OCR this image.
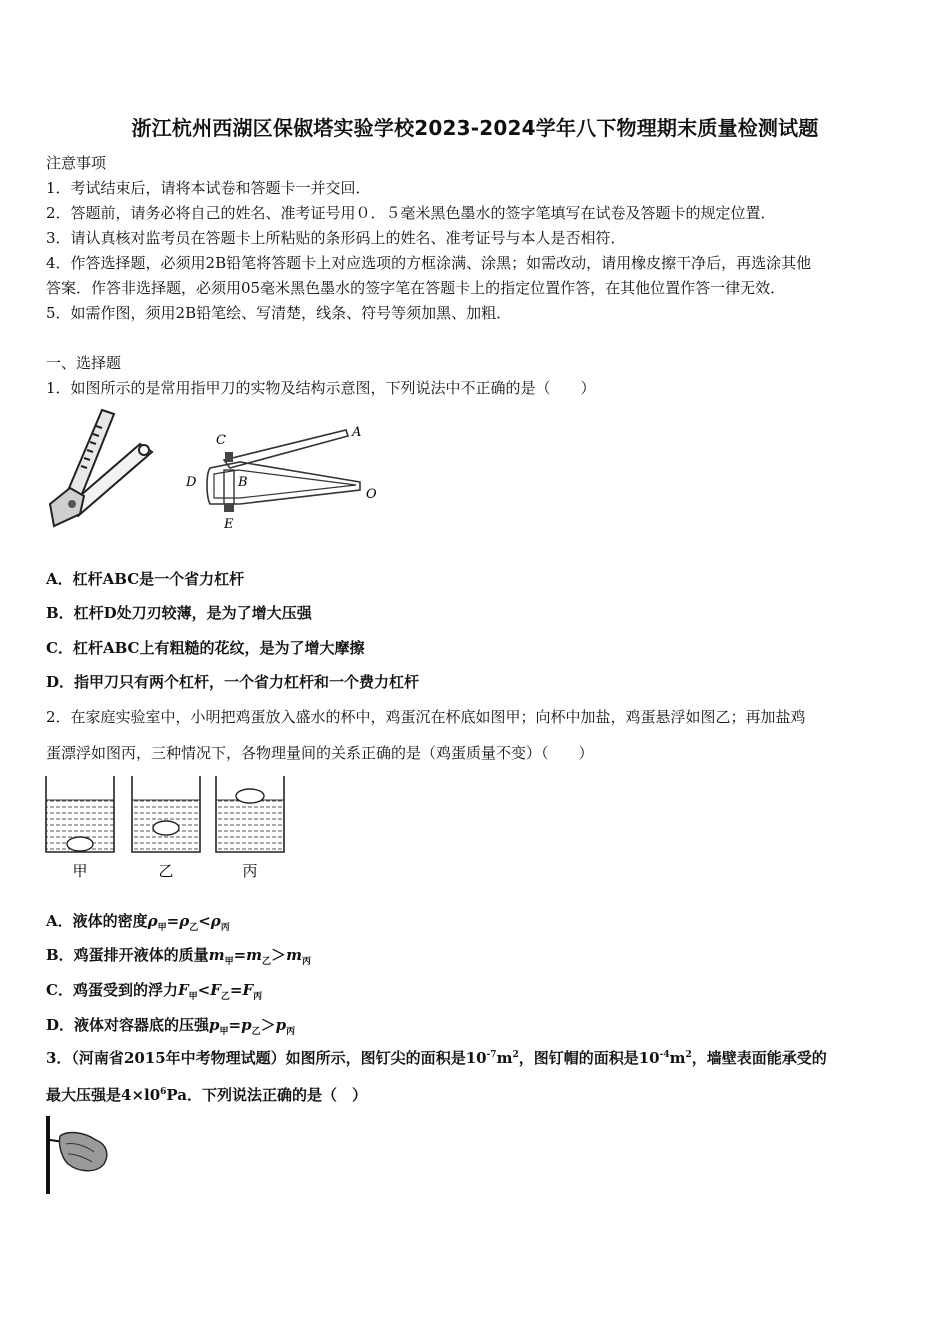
浙江杭州西湖区保俶塔实验学校2023-2024学年八下物理期末质量检测试题
注意事项
1．考试结束后，请将本试卷和答题卡一并交回．
2．答题前，请务必将自己的姓名、准考证号用０．５毫米黑色墨水的签字笔填写在试卷及答题卡的规定位置．
3．请认真核对监考员在答题卡上所粘贴的条形码上的姓名、准考证号与本人是否相符．
4．作答选择题，必须用2B铅笔将答题卡上对应选项的方框涂满、涂黑；如需改动，请用橡皮擦干净后，再选涂其他
答案．作答非选择题，必须用05毫米黑色墨水的签字笔在答题卡上的指定位置作答，在其他位置作答一律无效．
5．如需作图，须用2B铅笔绘、写清楚，线条、符号等须加黑、加粗．
一、选择题
1．如图所示的是常用指甲刀的实物及结构示意图，下列说法中不正确的是（　　）
C
A
D	B
O
E
A．杠杆ABC是一个省力杠杆
B．杠杆D处刀刃较薄，是为了增大压强
C．杠杆ABC上有粗糙的花纹，是为了增大摩擦
D．指甲刀只有两个杠杆，一个省力杠杆和一个费力杠杆
2．在家庭实验室中，小明把鸡蛋放入盛水的杯中，鸡蛋沉在杯底如图甲；向杯中加盐，鸡蛋悬浮如图乙；再加盐鸡
蛋漂浮如图丙，三种情况下，各物理量间的关系正确的是（鸡蛋质量不变）（　　）
甲	乙	丙
A．液体的密度$\rho_甲=\rho_乙<\rho_丙$
B．鸡蛋排开液体的质量$m_甲=m_乙>m_丙$
C．鸡蛋受到的浮力$F_甲<F_乙=F_丙$
D．液体对容器底的压强$p_甲=p_乙>p_丙$
3．（河南省2015年中考物理试题）如图所示，图钉尖的面积是$10^{-7}m^2$，图钉帽的面积是$10^{-4}m^2$，墙壁表面能承受的
最大压强是$4\times l0^6Pa$．下列说法正确的是（　）
